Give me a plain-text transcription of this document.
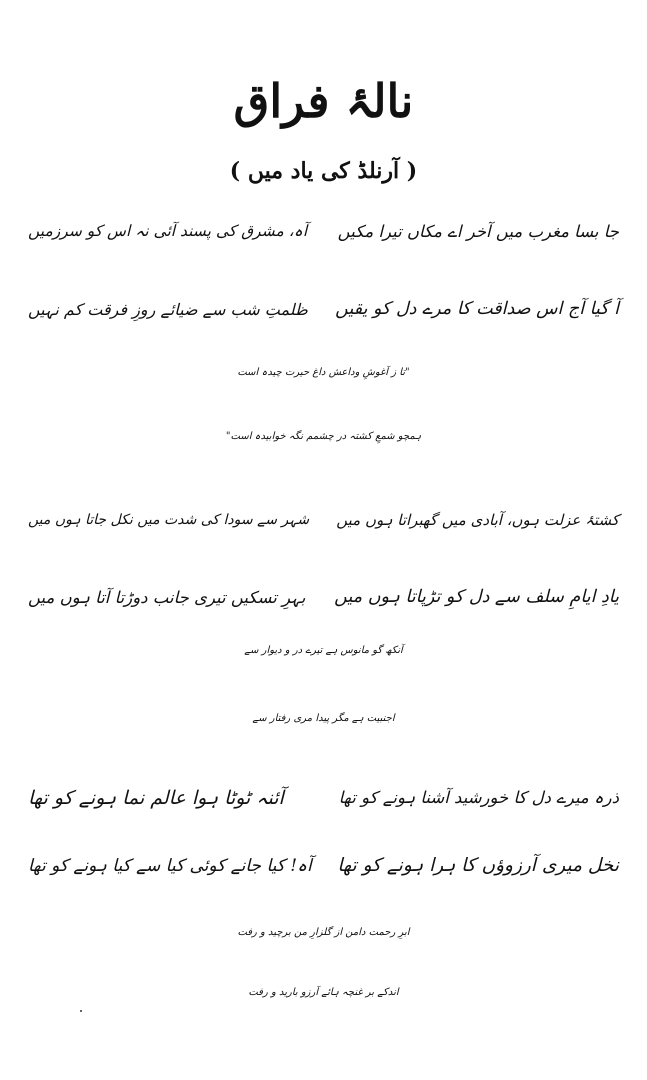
نالۂ فراق
( آرنلڈ کی یاد میں )
جا بسا مغرب میں آخر اے مکاں تیرا مکیں
آہ، مشرق کی پسند آئی نہ اس کو سرزمیں
آ گیا آج اس صداقت کا مرے دل کو یقیں
ظلمتِ شب سے ضیائے روزِ فرقت کم نہیں
"تا ز آغوشِ وداعش داغ حیرت چیدہ است
ہمچو شمعِ کشتہ در چشمم نگہ خوابیدہ است"
کشتۂ عزلت ہوں، آبادی میں گھبراتا ہوں میں
شہر سے سودا کی شدت میں نکل جاتا ہوں میں
یادِ ایامِ سلف سے دل کو تڑپاتا ہوں میں
بہرِ تسکیں تیری جانب دوڑتا آتا ہوں میں
آنکھ گو مانوس ہے تیرے در و دیوار سے
اجنبیت ہے مگر پیدا مری رفتار سے
ذرہ میرے دل کا خورشید آشنا ہونے کو تھا
آئنہ ٹوٹا ہوا عالم نما ہونے کو تھا
نخل میری آرزوؤں کا ہرا ہونے کو تھا
آہ! کیا جانے کوئی کیا سے کیا ہونے کو تھا
ابرِ رحمت دامن از گلزارِ من برچید و رفت
اندکے بر غنچہ ہائے آرزو بارید و رفت
